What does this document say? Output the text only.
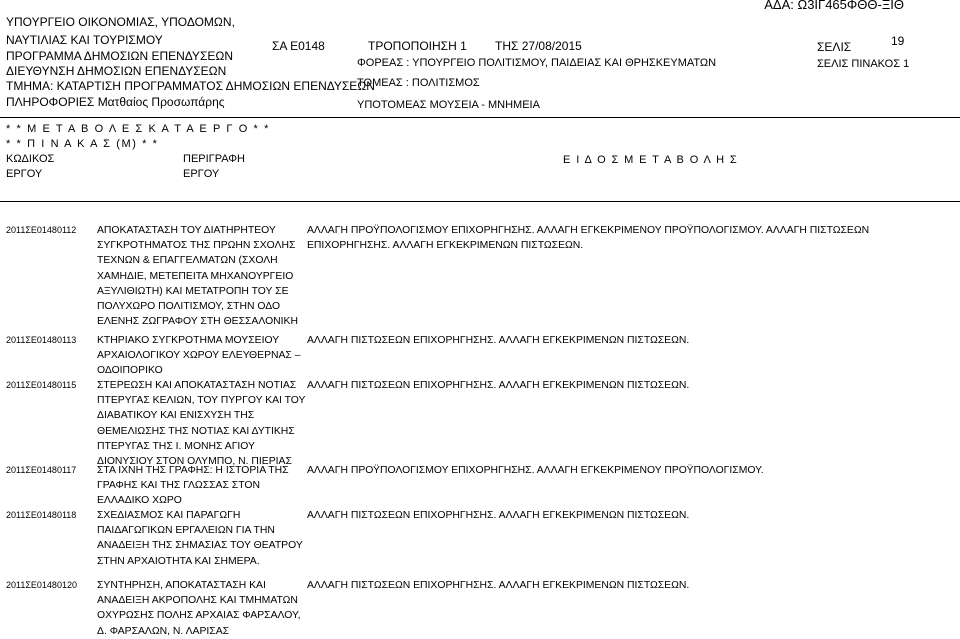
ΑΔΑ: Ω3ΙΓ465ΦΘΘ-ΞΙΘ
ΥΠΟΥΡΓΕΙΟ ΟΙΚΟΝΟΜΙΑΣ, ΥΠΟΔΟΜΩΝ,
ΝΑΥΤΙΛΙΑΣ ΚΑΙ ΤΟΥΡΙΣΜΟΥ
ΠΡΟΓΡΑΜΜΑ ΔΗΜΟΣΙΩΝ ΕΠΕΝΔΥΣΕΩΝ
ΔΙΕΥΘΥΝΣΗ ΔΗΜΟΣΙΩΝ ΕΠΕΝΔΥΣΕΩΝ
ΤΜΗΜΑ: ΚΑΤΑΡΤΙΣΗ ΠΡΟΓΡΑΜΜΑΤΟΣ ΔΗΜΟΣΙΩΝ ΕΠΕΝΔΥΣΕΩΝ
ΠΛΗΡΟΦΟΡΙΕΣ Ματθαίος Προσωπάρης
ΣΑ Ε0148	ΤΡΟΠΟΠΟΙΗΣΗ 1 ΤΗΣ 27/08/2015
ΦΟΡΕΑΣ : ΥΠΟΥΡΓΕΙΟ ΠΟΛΙΤΙΣΜΟΥ, ΠΑΙΔΕΙΑΣ ΚΑΙ ΘΡΗΣΚΕΥΜΑΤΩΝ
ΤΟΜΕΑΣ : ΠΟΛΙΤΙΣΜΟΣ
ΥΠΟΤΟΜΕΑΣ ΜΟΥΣΕΙΑ - ΜΝΗΜΕΙΑ
ΣΕΛΙΣ	19
ΣΕΛΙΣ ΠΙΝΑΚΟΣ 1
* * Μ Ε Τ Α Β Ο Λ Ε Σ Κ Α Τ Α Ε Ρ Γ Ο * *
* * Π Ι Ν Α Κ Α Σ (Μ) * *
ΚΩΔΙΚΟΣ
ΕΡΓΟΥ
ΠΕΡΙΓΡΑΦΗ
ΕΡΓΟΥ
Ε Ι Δ Ο Σ Μ Ε Τ Α Β Ο Λ Η Σ
2011ΣΕ01480112 ΑΠΟΚΑΤΑΣΤΑΣΗ ΤΟΥ ΔΙΑΤΗΡΗΤΕΟΥ ΣΥΓΚΡΟΤΗΜΑΤΟΣ ΤΗΣ ΠΡΩΗΝ ΣΧΟΛΗΣ ΤΕΧΝΩΝ & ΕΠΑΓΓΕΛΜΑΤΩΝ (ΣΧΟΛΗ ΧΑΜΗΔΙΕ, ΜΕΤΕΠΕΙΤΑ ΜΗΧΑΝΟΥΡΓΕΙΟ ΑΞΥΛΙΘΙΩΤΗ) ΚΑΙ ΜΕΤΑΤΡΟΠΗ ΤΟΥ ΣΕ ΠΟΛΥΧΩΡΟ ΠΟΛΙΤΙΣΜΟΥ, ΣΤΗΝ ΟΔΟ ΕΛΕΝΗΣ ΖΩΓΡΑΦΟΥ ΣΤΗ ΘΕΣΣΑΛΟΝΙΚΗ
ΑΛΛΑΓΗ ΠΡΟΫΠΟΛΟΓΙΣΜΟΥ ΕΠΙΧΟΡΗΓΗΣΗΣ. ΑΛΛΑΓΗ ΕΓΚΕΚΡΙΜΕΝΟΥ ΠΡΟΫΠΟΛΟΓΙΣΜΟΥ. ΑΛΛΑΓΗ ΠΙΣΤΩΣΕΩΝ
ΕΠΙΧΟΡΗΓΗΣΗΣ. ΑΛΛΑΓΗ ΕΓΚΕΚΡΙΜΕΝΩΝ ΠΙΣΤΩΣΕΩΝ.
2011ΣΕ01480113 ΚΤΗΡΙΑΚΟ ΣΥΓΚΡΟΤΗΜΑ ΜΟΥΣΕΙΟΥ ΑΡΧΑΙΟΛΟΓΙΚΟΥ ΧΩΡΟΥ ΕΛΕΥΘΕΡΝΑΣ – ΟΔΟΙΠΟΡΙΚΟ
ΑΛΛΑΓΗ ΠΙΣΤΩΣΕΩΝ ΕΠΙΧΟΡΗΓΗΣΗΣ. ΑΛΛΑΓΗ ΕΓΚΕΚΡΙΜΕΝΩΝ ΠΙΣΤΩΣΕΩΝ.
2011ΣΕ01480115 ΣΤΕΡΕΩΣΗ ΚΑΙ ΑΠΟΚΑΤΑΣΤΑΣΗ ΝΟΤΙΑΣ ΠΤΕΡΥΓΑΣ ΚΕΛΙΩΝ, ΤΟΥ ΠΥΡΓΟΥ ΚΑΙ ΤΟΥ ΔΙΑΒΑΤΙΚΟΥ ΚΑΙ ΕΝΙΣΧΥΣΗ ΤΗΣ ΘΕΜΕΛΙΩΣΗΣ ΤΗΣ ΝΟΤΙΑΣ ΚΑΙ ΔΥΤΙΚΗΣ ΠΤΕΡΥΓΑΣ ΤΗΣ Ι. ΜΟΝΗΣ ΑΓΙΟΥ ΔΙΟΝΥΣΙΟΥ ΣΤΟΝ ΟΛΥΜΠΟ, Ν. ΠΙΕΡΙΑΣ
ΑΛΛΑΓΗ ΠΙΣΤΩΣΕΩΝ ΕΠΙΧΟΡΗΓΗΣΗΣ. ΑΛΛΑΓΗ ΕΓΚΕΚΡΙΜΕΝΩΝ ΠΙΣΤΩΣΕΩΝ.
2011ΣΕ01480117 ΣΤΑ ΙΧΝΗ ΤΗΣ ΓΡΑΦΗΣ: Η ΙΣΤΟΡΙΑ ΤΗΣ ΓΡΑΦΗΣ ΚΑΙ ΤΗΣ ΓΛΩΣΣΑΣ ΣΤΟΝ ΕΛΛΑΔΙΚΟ ΧΩΡΟ
ΑΛΛΑΓΗ ΠΡΟΫΠΟΛΟΓΙΣΜΟΥ ΕΠΙΧΟΡΗΓΗΣΗΣ. ΑΛΛΑΓΗ ΕΓΚΕΚΡΙΜΕΝΟΥ ΠΡΟΫΠΟΛΟΓΙΣΜΟΥ.
2011ΣΕ01480118 ΣΧΕΔΙΑΣΜΟΣ ΚΑΙ ΠΑΡΑΓΩΓΗ ΠΑΙΔΑΓΩΓΙΚΩΝ ΕΡΓΑΛΕΙΩΝ ΓΙΑ ΤΗΝ ΑΝΑΔΕΙΞΗ ΤΗΣ ΣΗΜΑΣΙΑΣ ΤΟΥ ΘΕΑΤΡΟΥ ΣΤΗΝ ΑΡΧΑΙΟΤΗΤΑ ΚΑΙ ΣΗΜΕΡΑ.
ΑΛΛΑΓΗ ΠΙΣΤΩΣΕΩΝ ΕΠΙΧΟΡΗΓΗΣΗΣ. ΑΛΛΑΓΗ ΕΓΚΕΚΡΙΜΕΝΩΝ ΠΙΣΤΩΣΕΩΝ.
2011ΣΕ01480120 ΣΥΝΤΗΡΗΣΗ, ΑΠΟΚΑΤΑΣΤΑΣΗ ΚΑΙ ΑΝΑΔΕΙΞΗ ΑΚΡΟΠΟΛΗΣ ΚΑΙ ΤΜΗΜΑΤΩΝ ΟΧΥΡΩΣΗΣ ΠΟΛΗΣ ΑΡΧΑΙΑΣ ΦΑΡΣΑΛΟΥ, Δ. ΦΑΡΣΑΛΩΝ, Ν. ΛΑΡΙΣΑΣ
ΑΛΛΑΓΗ ΠΙΣΤΩΣΕΩΝ ΕΠΙΧΟΡΗΓΗΣΗΣ. ΑΛΛΑΓΗ ΕΓΚΕΚΡΙΜΕΝΩΝ ΠΙΣΤΩΣΕΩΝ.
